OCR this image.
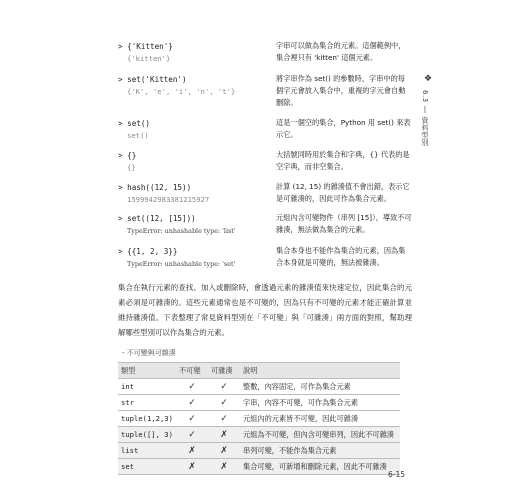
> {'Kitten'}
{'kitten'}
字串可以做為集合的元素。這個範例中，集合裡只有 'kitten' 這個元素。
> set('Kitten')
{'K', 'e', 'i', 'n', 't'}
將字串作為 set() 的參數時，字串中的每個字元會放入集合中，重複的字元會自動刪除。
> set()
set()
這是一個空的集合，Python 用 set() 來表示它。
> {}
{}
大括號同時用於集合和字典，{} 代表的是空字典，而非空集合。
> hash((12, 15))
1599942983381215927
計算 (12, 15) 的雜湊值不會出錯，表示它是可雜湊的，因此可作為集合元素。
> set((12, [15]))
TypeError: unhashable type: 'list'
元組內含可變物件（串列 [15]），導致不可雜湊，無法做為集合的元素。
> {{1, 2, 3}}
TypeError: unhashable type: 'set'
集合本身也不能作為集合的元素，因為集合本身就是可變的，無法被雜湊。
❖
6.3 ❘ 資料型別
集合在執行元素的查找、加入或刪除時，會透過元素的雜湊值來快速定位，因此集合的元素必須是可雜湊的。這些元素通常也是不可變的，因為只有不可變的元素才能正確計算並維持雜湊值。下表整理了常見資料型別在「不可變」與「可雜湊」兩方面的對照，幫助理解哪些型別可以作為集合的元素。
- 不可變與可雜湊
類型	不可變	可雜湊	說明
int	✓	✓	整數，內容固定，可作為集合元素
str	✓	✓	字串，內容不可變，可作為集合元素
tuple(1,2,3)	✓	✓	元組內的元素皆不可變，因此可雜湊
tuple([], 3)	✓	✗	元組為不可變，但內含可變串列，因此不可雜湊
list	✗	✗	串列可變，不能作為集合元素
set	✗	✗	集合可變，可新增和刪除元素，因此不可雜湊
6-15
